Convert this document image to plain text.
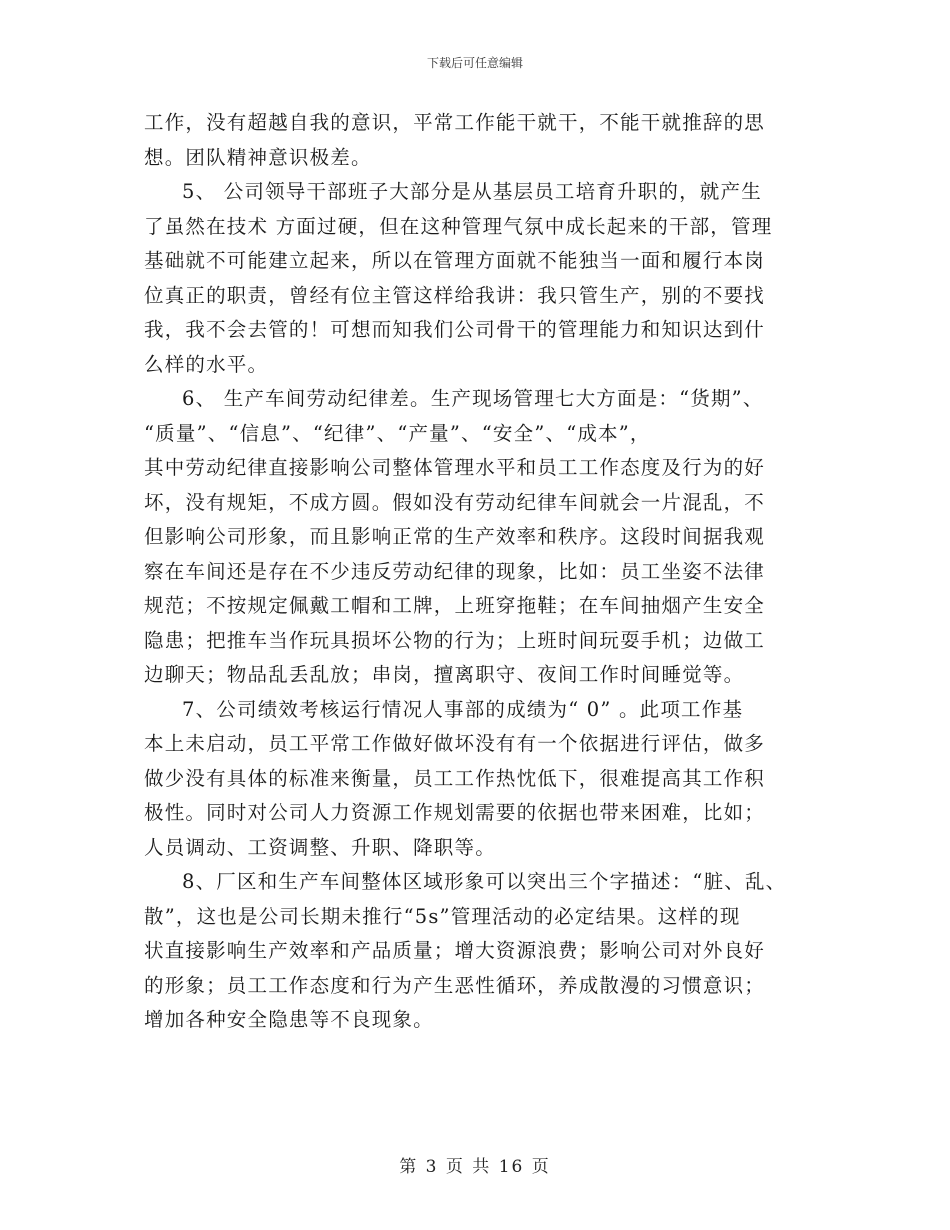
下载后可任意编辑
工作，没有超越自我的意识，平常工作能干就干，不能干就推辞的思
想。团队精神意识极差。
5、 公司领导干部班子大部分是从基层员工培育升职的，就产生
了虽然在技术 方面过硬，但在这种管理气氛中成长起来的干部，管理
基础就不可能建立起来，所以在管理方面就不能独当一面和履行本岗
位真正的职责，曾经有位主管这样给我讲：我只管生产，别的不要找
我，我不会去管的！可想而知我们公司骨干的管理能力和知识达到什
么样的水平。
6、 生产车间劳动纪律差。生产现场管理七大方面是：“货期”、
“质量”、“信息”、“纪律”、“产量”、“安全”、“成本”，
其中劳动纪律直接影响公司整体管理水平和员工工作态度及行为的好
坏，没有规矩，不成方圆。假如没有劳动纪律车间就会一片混乱，不
但影响公司形象，而且影响正常的生产效率和秩序。这段时间据我观
察在车间还是存在不少违反劳动纪律的现象，比如：员工坐姿不法律
规范；不按规定佩戴工帽和工牌，上班穿拖鞋；在车间抽烟产生安全
隐患；把推车当作玩具损坏公物的行为；上班时间玩耍手机；边做工
边聊天；物品乱丢乱放；串岗，擅离职守、夜间工作时间睡觉等。
7、公司绩效考核运行情况人事部的成绩为“ 0” 。此项工作基
本上未启动，员工平常工作做好做坏没有有一个依据进行评估，做多
做少没有具体的标准来衡量，员工工作热忱低下，很难提高其工作积
极性。同时对公司人力资源工作规划需要的依据也带来困难，比如；
人员调动、工资调整、升职、降职等。
8、厂区和生产车间整体区域形象可以突出三个字描述：“脏、乱、
散”，这也是公司长期未推行“5s”管理活动的必定结果。这样的现
状直接影响生产效率和产品质量；增大资源浪费；影响公司对外良好
的形象；员工工作态度和行为产生恶性循环，养成散漫的习惯意识；
增加各种安全隐患等不良现象。
第 3 页 共 16 页
